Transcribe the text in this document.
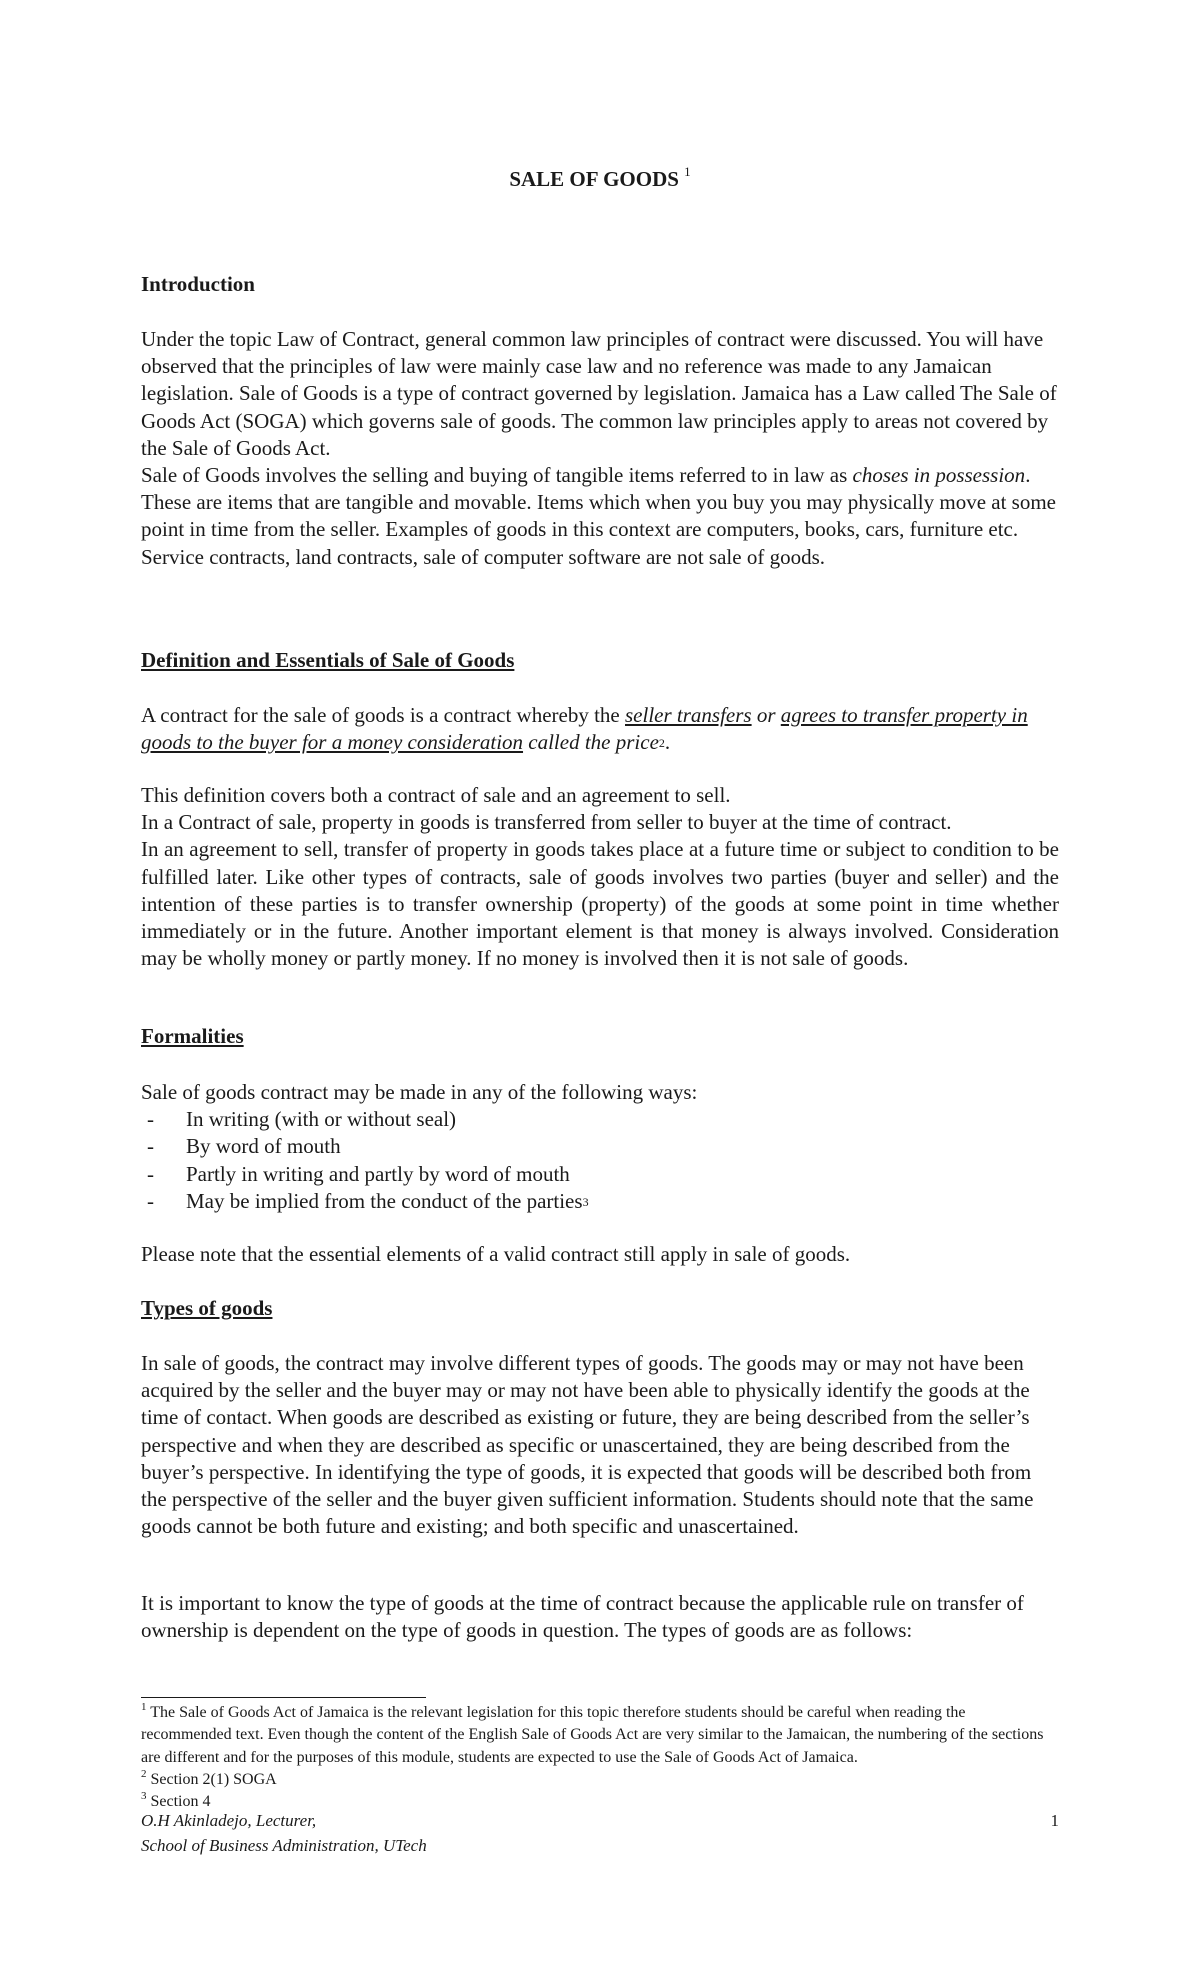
SALE OF GOODS $^1$
Introduction

Under the topic Law of Contract, general common law principles of contract were discussed. You will have observed that the principles of law were mainly case law and no reference was made to any Jamaican legislation. Sale of Goods is a type of contract governed by legislation. Jamaica has a Law called The Sale of Goods Act (SOGA) which governs sale of goods. The common law principles apply to areas not covered by the Sale of Goods Act.

Sale of Goods involves the selling and buying of tangible items referred to in law as choses in possession. These are items that are tangible and movable. Items which when you buy you may physically move at some point in time from the seller. Examples of goods in this context are computers, books, cars, furniture etc. Service contracts, land contracts, sale of computer software are not sale of goods.

Definition and Essentials of Sale of Goods

A contract for the sale of goods is a contract whereby the seller transfers or agrees to transfer property in goods to the buyer for a money consideration called the price$^2$.

This definition covers both a contract of sale and an agreement to sell.

In a Contract of sale, property in goods is transferred from seller to buyer at the time of contract.

In an agreement to sell, transfer of property in goods takes place at a future time or subject to condition to be fulfilled later. Like other types of contracts, sale of goods involves two parties (buyer and seller) and the intention of these parties is to transfer ownership (property) of the goods at some point in time whether immediately or in the future. Another important element is that money is always involved. Consideration may be wholly money or partly money. If no money is involved then it is not sale of goods.

Formalities

Sale of goods contract may be made in any of the following ways:

- In writing (with or without seal)
- By word of mouth
- Partly in writing and partly by word of mouth
- May be implied from the conduct of the parties$^3$

Please note that the essential elements of a valid contract still apply in sale of goods.

Types of goods

In sale of goods, the contract may involve different types of goods. The goods may or may not have been acquired by the seller and the buyer may or may not have been able to physically identify the goods at the time of contact. When goods are described as existing or future, they are being described from the seller’s perspective and when they are described as specific or unascertained, they are being described from the buyer’s perspective. In identifying the type of goods, it is expected that goods will be described both from the perspective of the seller and the buyer given sufficient information. Students should note that the same goods cannot be both future and existing; and both specific and unascertained.

It is important to know the type of goods at the time of contract because the applicable rule on transfer of ownership is dependent on the type of goods in question. The types of goods are as follows:

$^1$ The Sale of Goods Act of Jamaica is the relevant legislation for this topic therefore students should be careful when reading the recommended text. Even though the content of the English Sale of Goods Act are very similar to the Jamaican, the numbering of the sections are different and for the purposes of this module, students are expected to use the Sale of Goods Act of Jamaica.

$^2$ Section 2(1) SOGA

$^3$ Section 4

O.H Akinladejo, Lecturer,
School of Business Administration, UTech
1
